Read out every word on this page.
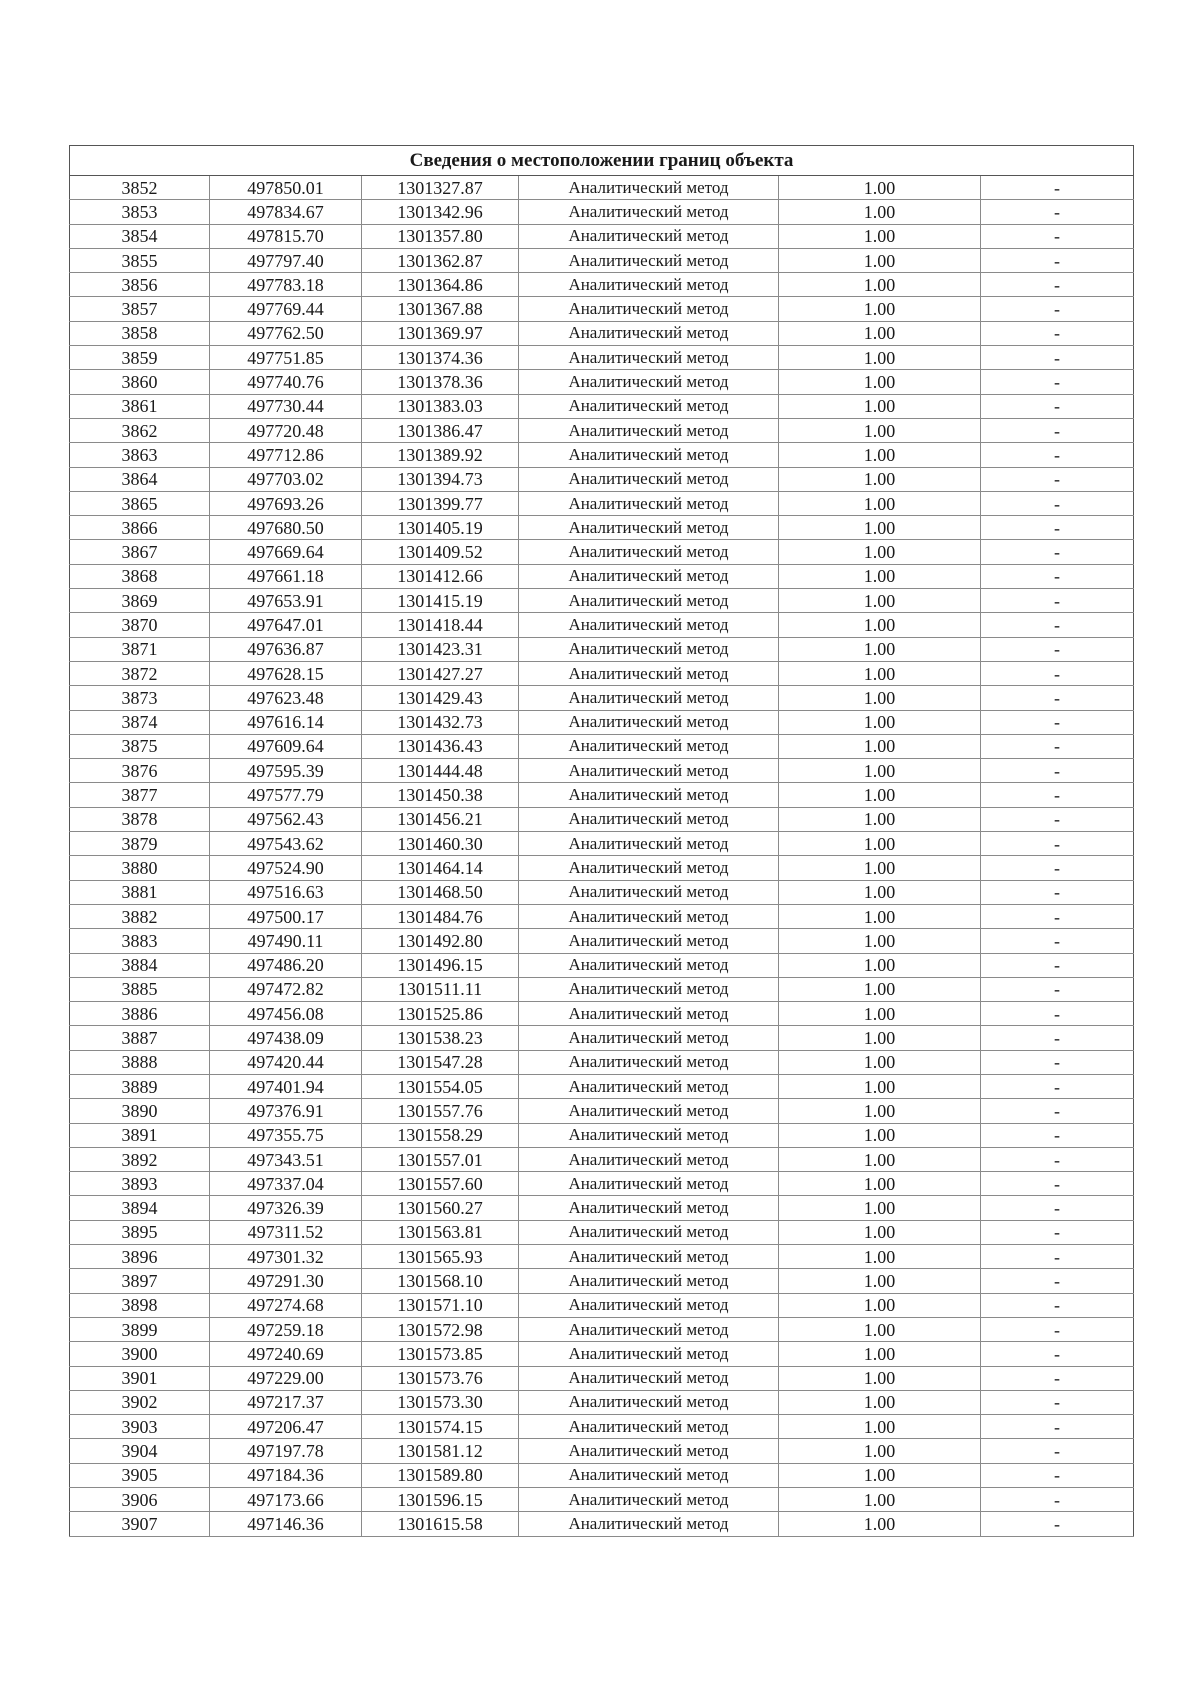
Сведения о местоположении границ объекта					
3852	497850.01	1301327.87	Аналитический метод	1.00	-
3853	497834.67	1301342.96	Аналитический метод	1.00	-
3854	497815.70	1301357.80	Аналитический метод	1.00	-
3855	497797.40	1301362.87	Аналитический метод	1.00	-
3856	497783.18	1301364.86	Аналитический метод	1.00	-
3857	497769.44	1301367.88	Аналитический метод	1.00	-
3858	497762.50	1301369.97	Аналитический метод	1.00	-
3859	497751.85	1301374.36	Аналитический метод	1.00	-
3860	497740.76	1301378.36	Аналитический метод	1.00	-
3861	497730.44	1301383.03	Аналитический метод	1.00	-
3862	497720.48	1301386.47	Аналитический метод	1.00	-
3863	497712.86	1301389.92	Аналитический метод	1.00	-
3864	497703.02	1301394.73	Аналитический метод	1.00	-
3865	497693.26	1301399.77	Аналитический метод	1.00	-
3866	497680.50	1301405.19	Аналитический метод	1.00	-
3867	497669.64	1301409.52	Аналитический метод	1.00	-
3868	497661.18	1301412.66	Аналитический метод	1.00	-
3869	497653.91	1301415.19	Аналитический метод	1.00	-
3870	497647.01	1301418.44	Аналитический метод	1.00	-
3871	497636.87	1301423.31	Аналитический метод	1.00	-
3872	497628.15	1301427.27	Аналитический метод	1.00	-
3873	497623.48	1301429.43	Аналитический метод	1.00	-
3874	497616.14	1301432.73	Аналитический метод	1.00	-
3875	497609.64	1301436.43	Аналитический метод	1.00	-
3876	497595.39	1301444.48	Аналитический метод	1.00	-
3877	497577.79	1301450.38	Аналитический метод	1.00	-
3878	497562.43	1301456.21	Аналитический метод	1.00	-
3879	497543.62	1301460.30	Аналитический метод	1.00	-
3880	497524.90	1301464.14	Аналитический метод	1.00	-
3881	497516.63	1301468.50	Аналитический метод	1.00	-
3882	497500.17	1301484.76	Аналитический метод	1.00	-
3883	497490.11	1301492.80	Аналитический метод	1.00	-
3884	497486.20	1301496.15	Аналитический метод	1.00	-
3885	497472.82	1301511.11	Аналитический метод	1.00	-
3886	497456.08	1301525.86	Аналитический метод	1.00	-
3887	497438.09	1301538.23	Аналитический метод	1.00	-
3888	497420.44	1301547.28	Аналитический метод	1.00	-
3889	497401.94	1301554.05	Аналитический метод	1.00	-
3890	497376.91	1301557.76	Аналитический метод	1.00	-
3891	497355.75	1301558.29	Аналитический метод	1.00	-
3892	497343.51	1301557.01	Аналитический метод	1.00	-
3893	497337.04	1301557.60	Аналитический метод	1.00	-
3894	497326.39	1301560.27	Аналитический метод	1.00	-
3895	497311.52	1301563.81	Аналитический метод	1.00	-
3896	497301.32	1301565.93	Аналитический метод	1.00	-
3897	497291.30	1301568.10	Аналитический метод	1.00	-
3898	497274.68	1301571.10	Аналитический метод	1.00	-
3899	497259.18	1301572.98	Аналитический метод	1.00	-
3900	497240.69	1301573.85	Аналитический метод	1.00	-
3901	497229.00	1301573.76	Аналитический метод	1.00	-
3902	497217.37	1301573.30	Аналитический метод	1.00	-
3903	497206.47	1301574.15	Аналитический метод	1.00	-
3904	497197.78	1301581.12	Аналитический метод	1.00	-
3905	497184.36	1301589.80	Аналитический метод	1.00	-
3906	497173.66	1301596.15	Аналитический метод	1.00	-
3907	497146.36	1301615.58	Аналитический метод	1.00	-
